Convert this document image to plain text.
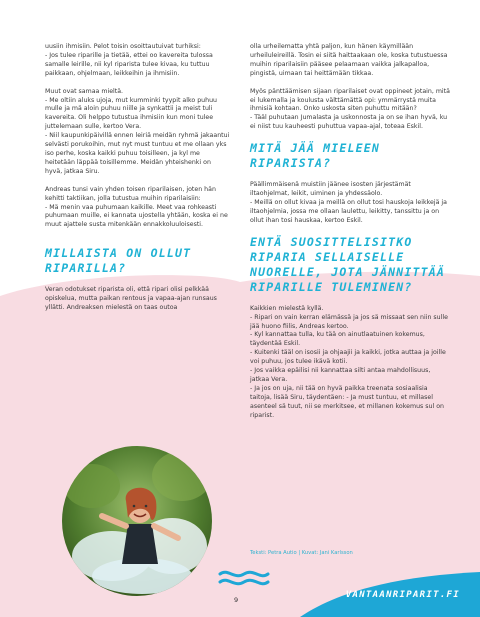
uusiin ihmisiin. Pelot toisin osoittautuivat turhiksi:
- Jos tulee riparille ja tietää, ettei oo kavereita tulossa samalle leirille, nii kyl riparista tulee kivaa, ku tuttuu paikkaan, ohjelmaan, leikkeihin ja ihmisiin.

Muut ovat samaa mieltä.
- Me oltiin aluks ujoja, mut kumminki tyypit alko puhuu mulle ja mä aloin puhuu niille ja synkattii ja meist tuli kavereita. Oli helppo tutustua ihmisiin kun moni tulee juttelemaan sulle, kertoo Vera.
- Niil kaupunkipäivillä ennen leiriä meidän ryhmä jakaantui selvästi porukoihin, mut nyt must tuntuu et me ollaan yks iso perhe, koska kaikki puhuu toisilleen, ja kyl me heitetään läppää toisillemme. Meidän yhteishenki on hyvä, jatkaa Siru.

Andreas tunsi vain yhden toisen riparilaisen, joten hän kehitti taktiikan, jolla tutustua muihin riparilaisiin:
- Mä menin vaa puhumaan kaikille. Meet vaa rohkeasti puhumaan muille, ei kannata ujostella yhtään, koska ei ne muut ajattele susta mitenkään ennakkoluuloisesti.

MILLAISTA ON OLLUT RIPARILLA?

Veran odotukset riparista oli, että ripari olisi pelkkää opiskelua, mutta paikan rentous ja vapaa-ajan runsaus yllätti. Andreaksen mielestä on taas outoa

olla urheilematta yhtä paljon, kun hänen käymillään urheiluleireillä. Tosin ei siitä haittaakaan ole, koska tutustuessa muihin riparilaisiin pääsee pelaamaan vaikka jalkapalloa, pingistä, uimaan tai heittämään tikkaa.

Myös pänttäämisen sijaan riparilaiset ovat oppineet jotain, mitä ei lukemalla ja koulusta välttämättä opi: ymmärrystä muita ihmisiä kohtaan. Onko uskosta siten puhuttu mitään?
- Tääl puhutaan Jumalasta ja uskonnosta ja on se ihan hyvä, ku ei niist tuu kauheesti puhuttua vapaa-ajal, toteaa Eskil.

MITÄ JÄÄ MIELEEN RIPARISTA?

Päällimmäisenä muistiin jäänee isosten järjestämät iltaohjelmat, leikit, uiminen ja yhdessäolo.
- Meillä on ollut kivaa ja meillä on ollut tosi hauskoja leikkejä ja iltaohjelmia, jossa me ollaan laulettu, leikitty, tanssittu ja on ollut ihan tosi hauskaa, kertoo Eskil.

ENTÄ SUOSITTELISITKO RIPARIA SELLAISELLE NUORELLE, JOTA JÄNNITTÄÄ RIPARILLE TULEMINEN?

Kaikkien mielestä kyllä.
- Ripari on vain kerran elämässä ja jos sä missaat sen niin sulle jää huono fiilis, Andreas kertoo.
- Kyl kannattaa tulla, ku tää on ainutlaatuinen kokemus, täydentää Eskil.
- Kuitenki tääl on isosii ja ohjaajii ja kaikki, jotka auttaa ja joille voi puhuu, jos tulee ikävä kotii.
- Jos vaikka epäilisi nii kannattaa silti antaa mahdollisuus, jatkaa Vera.
- Ja jos on uja, nii tää on hyvä paikka treenata sosiaalisia taitoja, lisää Siru, täydentäen: - Ja must tuntuu, et millasel asenteel sä tuut, nii se merkitsee, et millanen kokemus sul on riparist.

Teksti: Petra Autio | Kuvat: Jani Karlsson
9	VANTAANRIPARIT.FI
